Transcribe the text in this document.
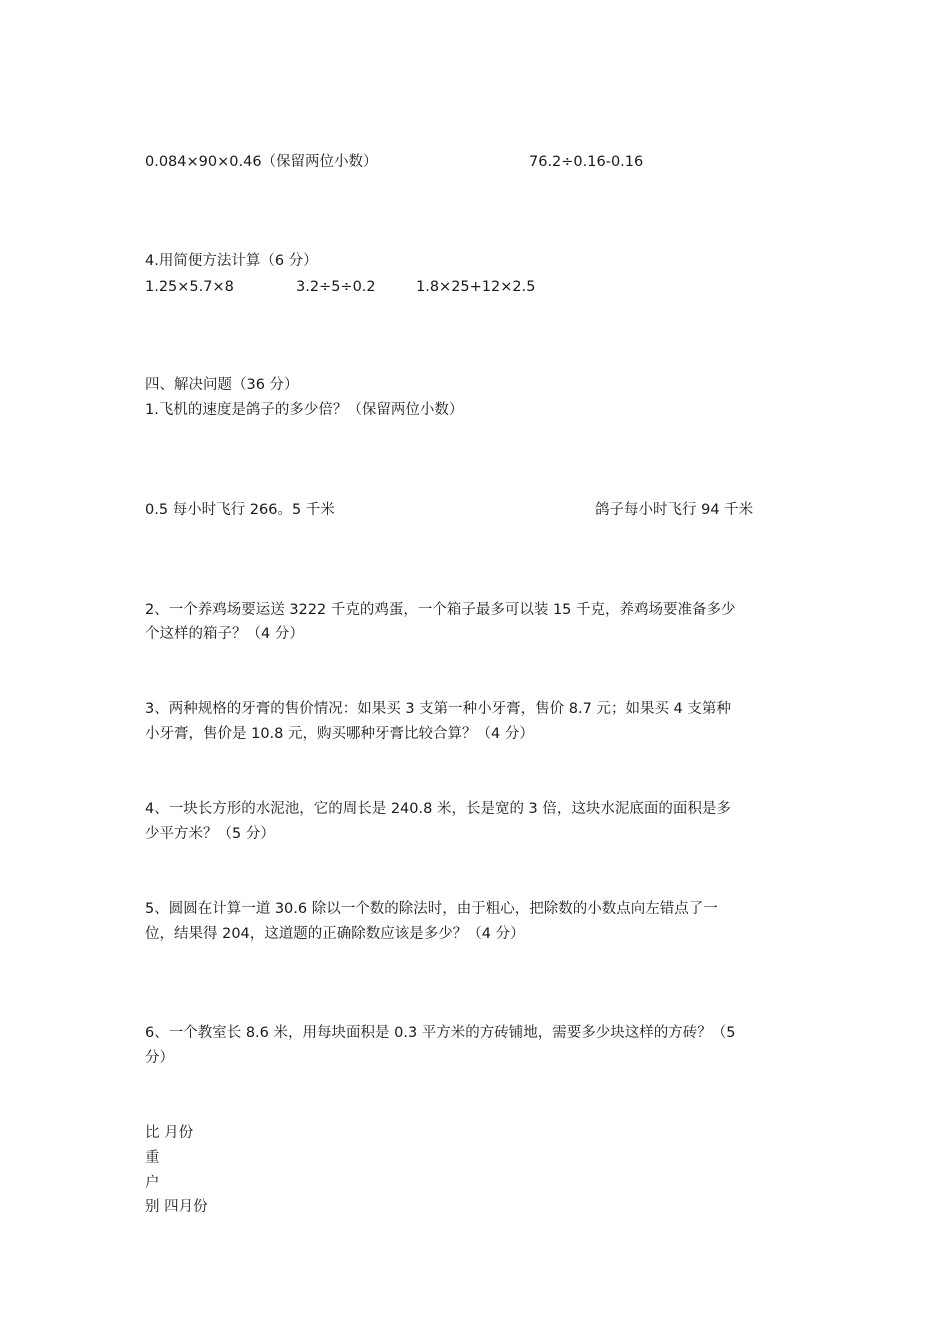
0.084×90×0.46（保留两位小数）	76.2÷0.16-0.16
4.用简便方法计算（6 分）
1.25×5.7×8	3.2÷5÷0.2	1.8×25+12×2.5
四、解决问题（36 分）
1.飞机的速度是鸽子的多少倍？（保留两位小数）
0.5 每小时飞行 266。5 千米	鸽子每小时飞行 94 千米
2、一个养鸡场要运送 3222 千克的鸡蛋，一个箱子最多可以装 15 千克，养鸡场要准备多少
个这样的箱子？（4 分）
3、两种规格的牙膏的售价情况：如果买 3 支第一种小牙膏，售价 8.7 元；如果买 4 支第种
小牙膏，售价是 10.8 元，购买哪种牙膏比较合算？（4 分）
4、一块长方形的水泥池，它的周长是 240.8 米，长是宽的 3 倍，这块水泥底面的面积是多
少平方米？（5 分）
5、圆圆在计算一道 30.6 除以一个数的除法时，由于粗心，把除数的小数点向左错点了一
位，结果得 204，这道题的正确除数应该是多少？（4 分）
6、一个教室长 8.6 米，用每块面积是 0.3 平方米的方砖铺地，需要多少块这样的方砖？（5
分）
比 月份
重
户
别 四月份
